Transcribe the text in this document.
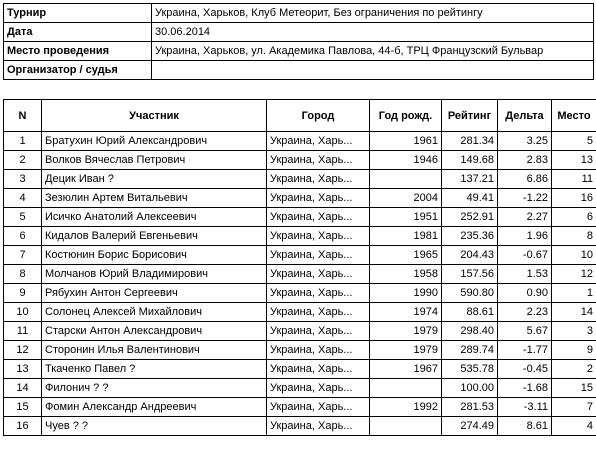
Турнир	Украина, Харьков, Клуб Метеорит, Без ограничения по рейтингу
Дата	30.06.2014
Место проведения	Украина, Харьков, ул. Академика Павлова, 44-б, ТРЦ Французский Бульвар
Организатор / судья	
N	Участник	Город	Год рожд.	Рейтинг	Дельта	Место
1	Братухин Юрий Александрович	Украина, Харь...	1961	281.34	3.25	5
2	Волков Вячеслав Петрович	Украина, Харь...	1946	149.68	2.83	13
3	Децик Иван ?	Украина, Харь...		137.21	6.86	11
4	Зезюлин Артем Витальевич	Украина, Харь...	2004	49.41	-1.22	16
5	Исичко Анатолий Алексеевич	Украина, Харь...	1951	252.91	2.27	6
6	Кидалов Валерий Евгеньевич	Украина, Харь...	1981	235.36	1.96	8
7	Костюнин Борис Борисович	Украина, Харь...	1965	204.43	-0.67	10
8	Молчанов Юрий Владимирович	Украина, Харь...	1958	157.56	1.53	12
9	Рябухин Антон Сергеевич	Украина, Харь...	1990	590.80	0.90	1
10	Солонец Алексей Михайлович	Украина, Харь...	1974	88.61	2.23	14
11	Старски Антон Александрович	Украина, Харь...	1979	298.40	5.67	3
12	Сторонин Илья Валентинович	Украина, Харь...	1979	289.74	-1.77	9
13	Ткаченко Павел ?	Украина, Харь...	1967	535.78	-0.45	2
14	Филонич ? ?	Украина, Харь...		100.00	-1.68	15
15	Фомин Александр Андреевич	Украина, Харь...	1992	281.53	-3.11	7
16	Чуев ? ?	Украина, Харь...		274.49	8.61	4
